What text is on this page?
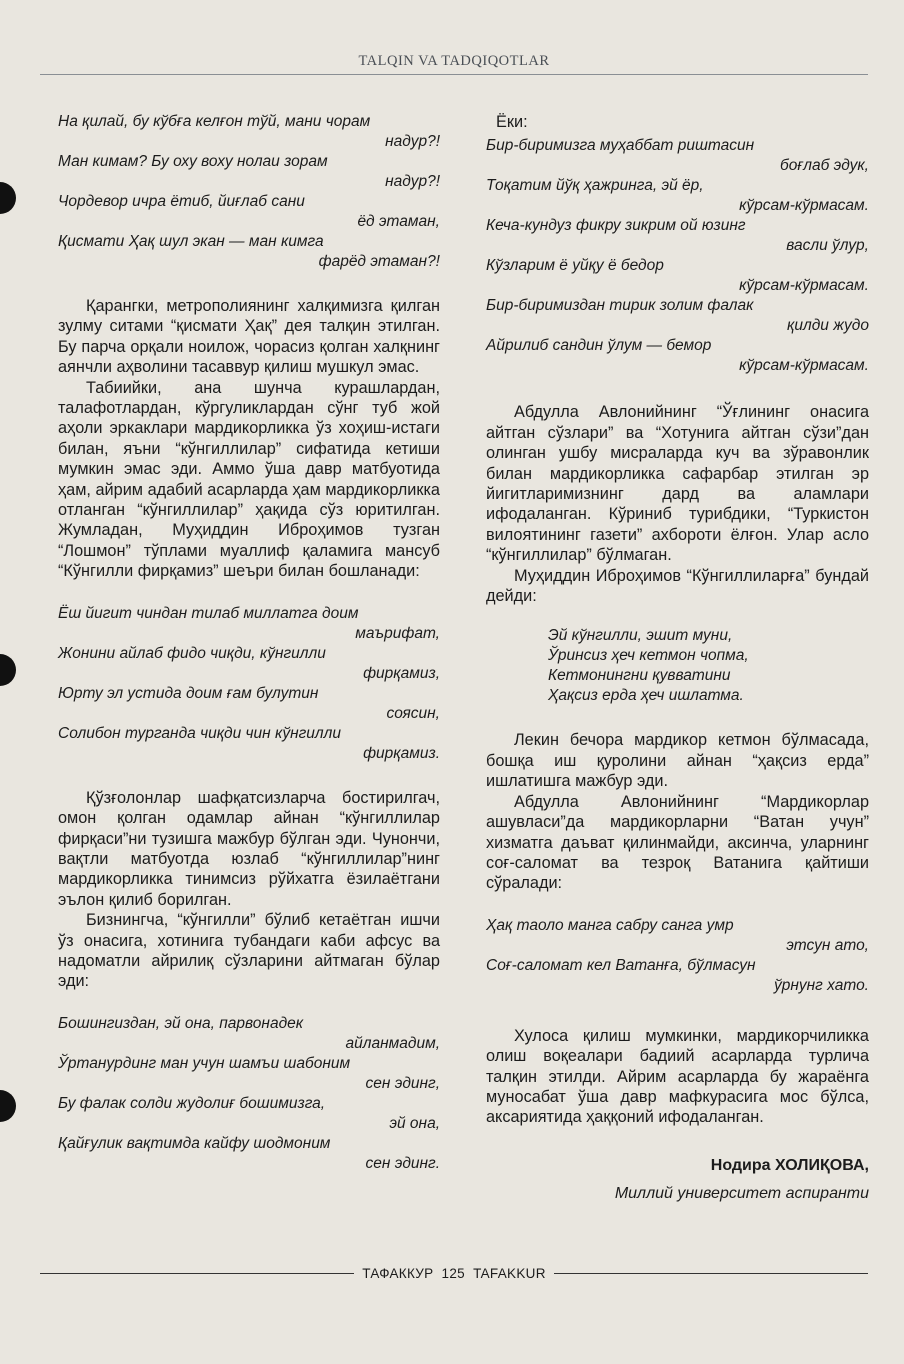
TALQIN VA TADQIQOTLAR
На қилай, бу кўбға келғон тўй, мани чорам
надур?!
Ман кимам? Бу оху воху нолаи зорам
надур?!
Чордевор ичра ётиб, йиғлаб сани
ёд этаман,
Қисмати Ҳақ шул экан — ман кимга
фарёд этаман?!

Қарангки, метрополиянинг халқимизга қилган зулму ситами “қисмати Ҳақ” дея талқин этилган. Бу парча орқали ноилож, чорасиз қолган халқнинг аянчли аҳволини тасаввур қилиш мушкул эмас.

Табиийки, ана шунча курашлардан, талафотлардан, кўргуликлардан сўнг туб жой аҳоли эркаклари мардикорликка ўз хоҳиш-истаги билан, яъни “кўнгиллилар” сифатида кетиши мумкин эмас эди. Аммо ўша давр матбуотида ҳам, айрим адабий асарларда ҳам мардикорликка отланган “кўнгиллилар” ҳақида сўз юритилган. Жумладан, Муҳиддин Иброҳимов тузган “Лошмон” тўплами муаллиф қаламига мансуб “Кўнгилли фирқамиз” шеъри билан бошланади:

Ёш йигит чиндан тилаб миллатга доим
маърифат,
Жонини айлаб фидо чиқди, кўнгилли
фирқамиз,
Юрту эл устида доим ғам булутин
соясин,
Солибон турганда чиқди чин кўнгилли
фирқамиз.

Қўзғолонлар шафқатсизларча бостирилгач, омон қолган одамлар айнан “кўнгиллилар фирқаси”ни тузишга мажбур бўлган эди. Чунончи, вақтли матбуотда юзлаб “кўнгиллилар”нинг мардикорликка тинимсиз рўйхатга ёзилаётгани эълон қилиб борилган.

Бизнингча, “кўнгилли” бўлиб кетаётган ишчи ўз онасига, хотинига тубандаги каби афсус ва надоматли айрилиқ сўзларини айтмаган бўлар эди:

Бошингиздан, эй она, парвонадек
айланмадим,
Ўртанурдинг ман учун шамъи шабоним
сен эдинг,
Бу фалак солди жудолиғ бошимизга,
эй она,
Қайғулик вақтимда кайфу шодмоним
сен эдинг.
Ёки:
Бир-биримизга муҳаббат риштасин
боғлаб эдук,
Тоқатим йўқ ҳажринга, эй ёр,
кўрсам-кўрмасам.
Кеча-кундуз фикру зикрим ой юзинг
васли ўлур,
Кўзларим ё уйқу ё бедор
кўрсам-кўрмасам.
Бир-биримиздан тирик золим фалак
қилди жудо
Айрилиб сандин ўлум — бемор
кўрсам-кўрмасам.

Абдулла Авлонийнинг “Ўғлининг онасига айтган сўзлари” ва “Хотунига айтган сўзи”дан олинган ушбу мисраларда куч ва зўравонлик билан мардикорликка сафарбар этилган эр йигитларимизнинг дард ва аламлари ифодаланган. Кўриниб турибдики, “Туркистон вилоятининг газети” ахбороти ёлғон. Улар асло “кўнгиллилар” бўлмаган.

Муҳиддин Иброҳимов “Кўнгиллиларға” бундай дейди:

Эй кўнгилли, эшит муни,
Ўринсиз ҳеч кетмон чопма,
Кетмонингни қувватини
Ҳақсиз ерда ҳеч ишлатма.

Лекин бечора мардикор кетмон бўлмасада, бошқа иш қуролини айнан “ҳақсиз ерда” ишлатишга мажбур эди.

Абдулла Авлонийнинг “Мардикорлар ашувласи”да мардикорларни “Ватан учун” хизматга даъват қилинмайди, аксинча, уларнинг соғ-саломат ва тезроқ Ватанига қайтиши сўралади:

Ҳақ таоло манга сабру санга умр
этсун ато,
Соғ-саломат кел Ватанға, бўлмасун
ўрнунг хато.

Хулоса қилиш мумкинки, мардикорчиликка олиш воқеалари бадиий асарларда турлича талқин этилди. Айрим асарларда бу жараёнга муносабат ўша давр мафкурасига мос бўлса, аксариятида ҳаққоний ифодаланган.

Нодира ХОЛИҚОВА,
Миллий университет аспиранти
ТАФАККУР  125  TAFAKKUR
